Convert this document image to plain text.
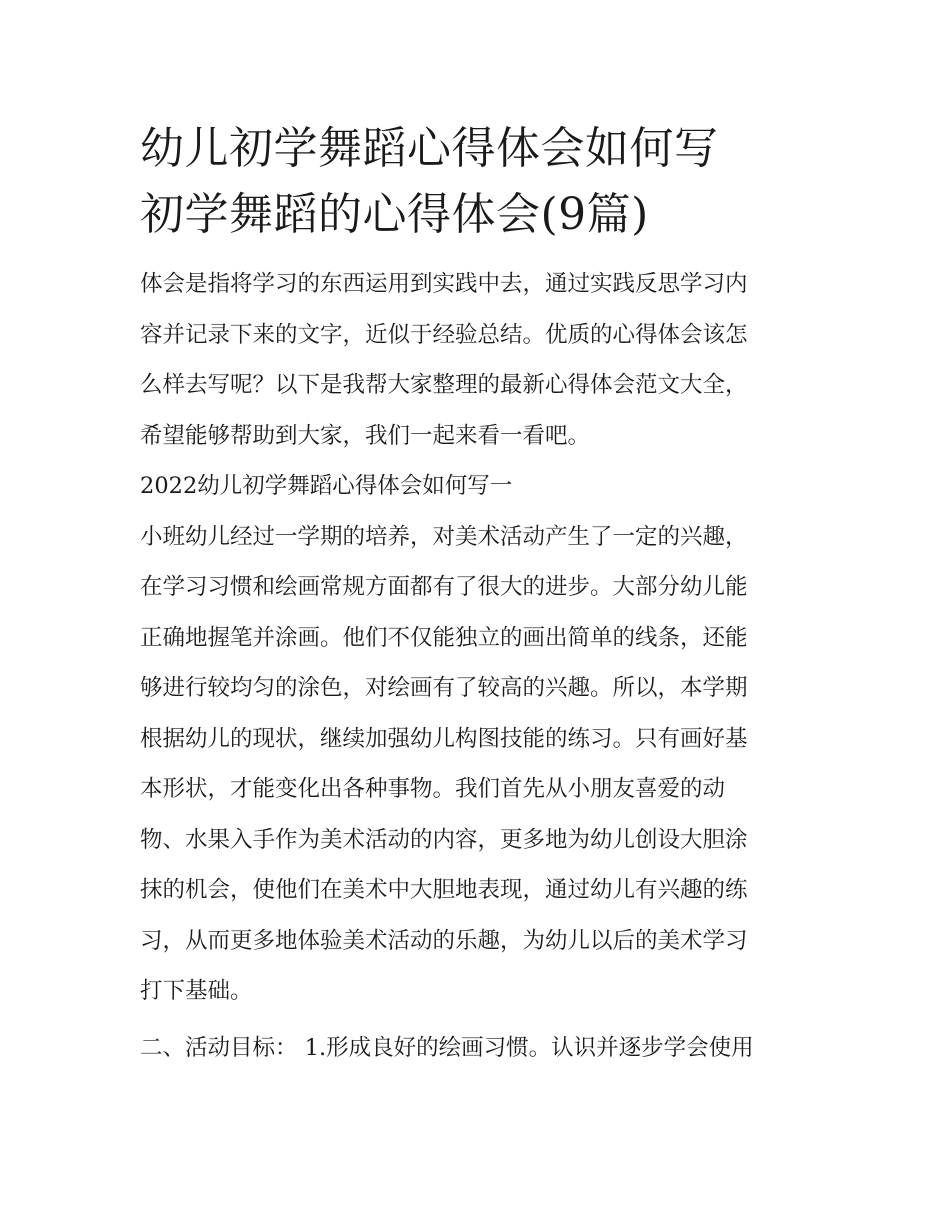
幼儿初学舞蹈心得体会如何写
初学舞蹈的心得体会(9篇)

体会是指将学习的东西运用到实践中去，通过实践反思学习内
容并记录下来的文字，近似于经验总结。优质的心得体会该怎
么样去写呢？以下是我帮大家整理的最新心得体会范文大全，
希望能够帮助到大家，我们一起来看一看吧。

2022幼儿初学舞蹈心得体会如何写一

小班幼儿经过一学期的培养，对美术活动产生了一定的兴趣，
在学习习惯和绘画常规方面都有了很大的进步。大部分幼儿能
正确地握笔并涂画。他们不仅能独立的画出简单的线条，还能
够进行较均匀的涂色，对绘画有了较高的兴趣。所以，本学期
根据幼儿的现状，继续加强幼儿构图技能的练习。只有画好基
本形状，才能变化出各种事物。我们首先从小朋友喜爱的动
物、水果入手作为美术活动的内容，更多地为幼儿创设大胆涂
抹的机会，使他们在美术中大胆地表现，通过幼儿有兴趣的练
习，从而更多地体验美术活动的乐趣，为幼儿以后的美术学习
打下基础。

二、活动目标： 1.形成良好的绘画习惯。认识并逐步学会使用
